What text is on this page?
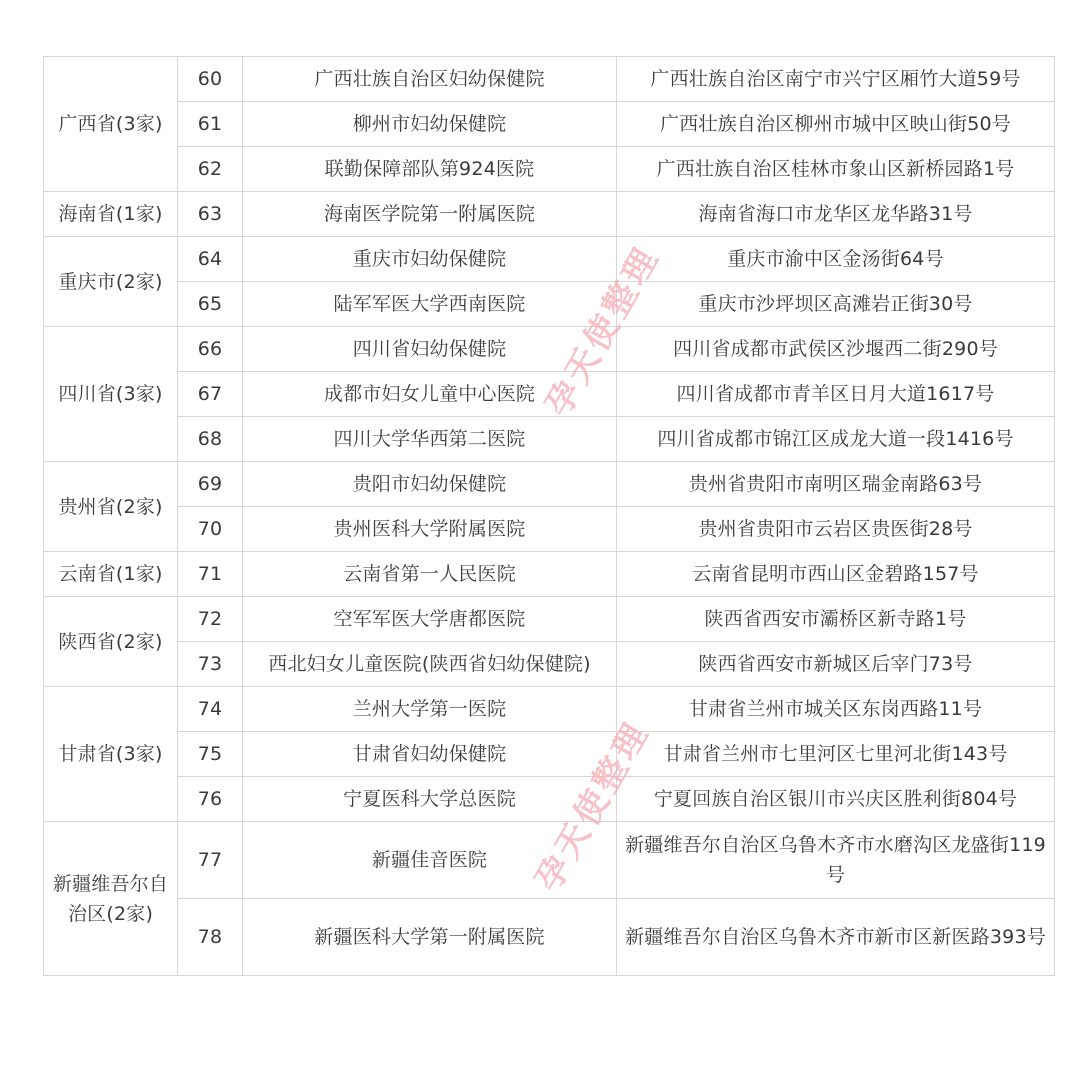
广西省(3家)	60	广西壮族自治区妇幼保健院	广西壮族自治区南宁市兴宁区厢竹大道59号
	61	柳州市妇幼保健院	广西壮族自治区柳州市城中区映山街50号
	62	联勤保障部队第924医院	广西壮族自治区桂林市象山区新桥园路1号
海南省(1家)	63	海南医学院第一附属医院	海南省海口市龙华区龙华路31号
重庆市(2家)	64	重庆市妇幼保健院	重庆市渝中区金汤街64号
	65	陆军军医大学西南医院	重庆市沙坪坝区高滩岩正街30号
四川省(3家)	66	四川省妇幼保健院	四川省成都市武侯区沙堰西二街290号
	67	成都市妇女儿童中心医院	四川省成都市青羊区日月大道1617号
	68	四川大学华西第二医院	四川省成都市锦江区成龙大道一段1416号
贵州省(2家)	69	贵阳市妇幼保健院	贵州省贵阳市南明区瑞金南路63号
	70	贵州医科大学附属医院	贵州省贵阳市云岩区贵医街28号
云南省(1家)	71	云南省第一人民医院	云南省昆明市西山区金碧路157号
陕西省(2家)	72	空军军医大学唐都医院	陕西省西安市灞桥区新寺路1号
	73	西北妇女儿童医院(陕西省妇幼保健院)	陕西省西安市新城区后宰门73号
甘肃省(3家)	74	兰州大学第一医院	甘肃省兰州市城关区东岗西路11号
	75	甘肃省妇幼保健院	甘肃省兰州市七里河区七里河北街143号
	76	宁夏医科大学总医院	宁夏回族自治区银川市兴庆区胜利街804号
新疆维吾尔自治区(2家)	77	新疆佳音医院	新疆维吾尔自治区乌鲁木齐市水磨沟区龙盛街119号
	78	新疆医科大学第一附属医院	新疆维吾尔自治区乌鲁木齐市新市区新医路393号
孕天使整理
孕天使整理
